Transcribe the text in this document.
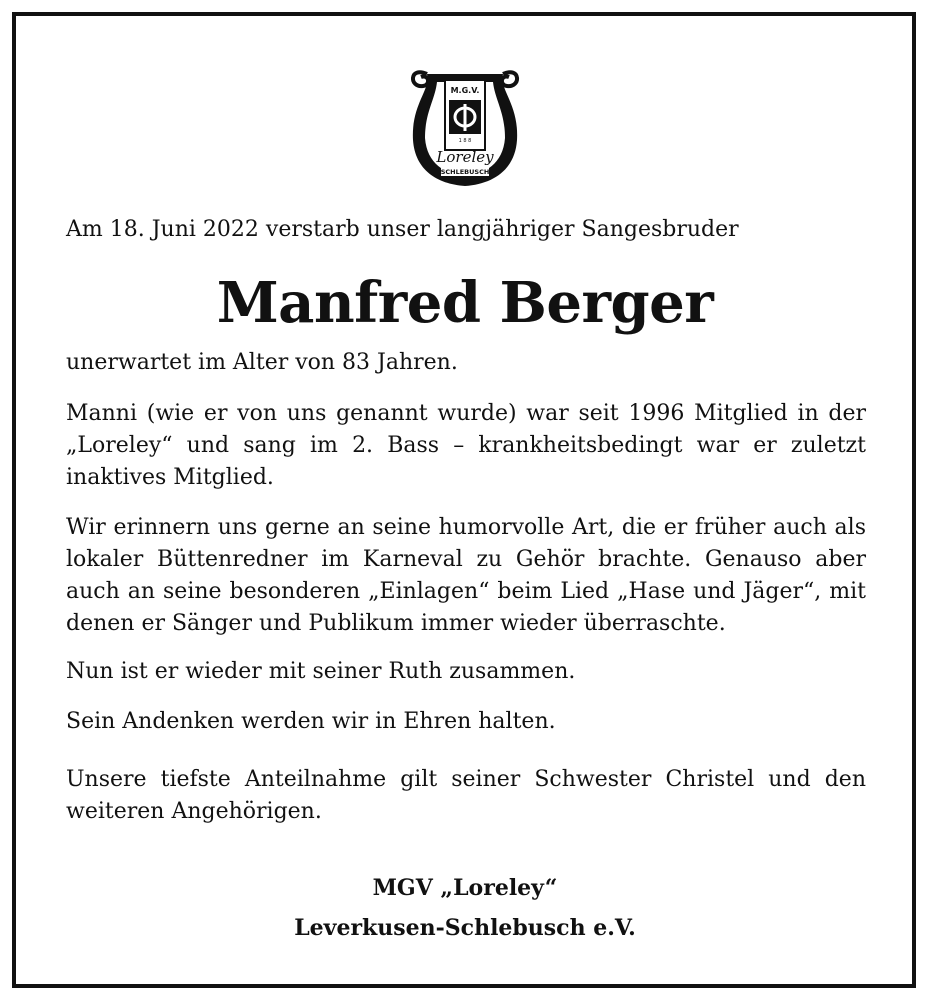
M.G.V.
1 8 8
Loreley
SCHLEBUSCH

Am 18. Juni 2022 verstarb unser langjähriger Sangesbruder

Manfred Berger

unerwartet im Alter von 83 Jahren.

Manni (wie er von uns genannt wurde) war seit 1996 Mitglied in der „Loreley“ und sang im 2. Bass – krankheitsbedingt war er zuletzt inaktives Mitglied.

Wir erinnern uns gerne an seine humorvolle Art, die er früher auch als lokaler Büttenredner im Karneval zu Gehör brachte. Genauso aber auch an seine besonderen „Einlagen“ beim Lied „Hase und Jäger“, mit denen er Sänger und Publikum immer wieder überraschte.

Nun ist er wieder mit seiner Ruth zusammen.

Sein Andenken werden wir in Ehren halten.

Unsere tiefste Anteilnahme gilt seiner Schwester Christel und den weiteren Angehörigen.

MGV „Loreley“

Leverkusen-Schlebusch e.V.
